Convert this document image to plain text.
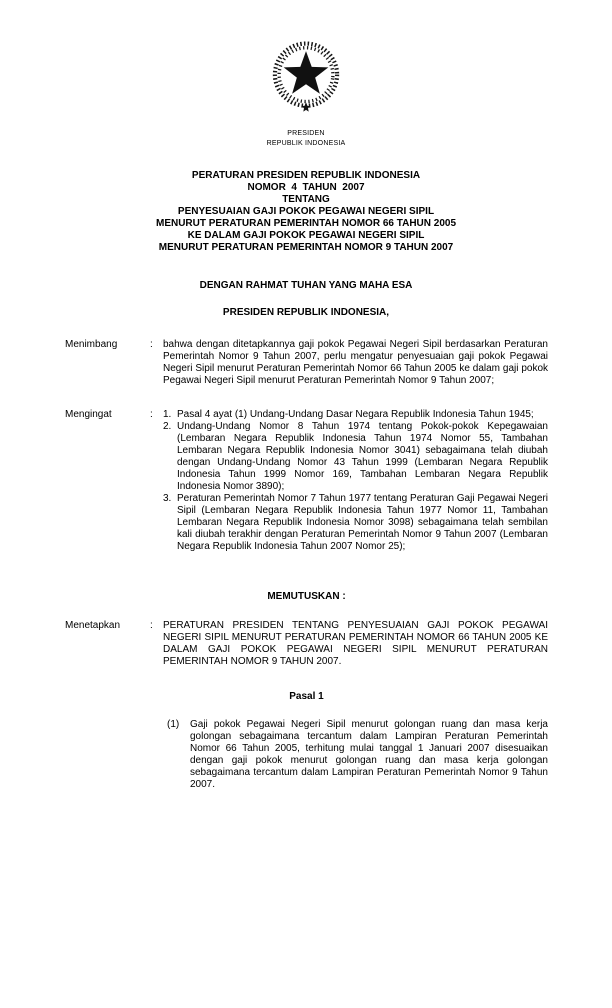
PRESIDEN
REPUBLIK INDONESIA
PERATURAN PRESIDEN REPUBLIK INDONESIA
NOMOR  4  TAHUN  2007
TENTANG
PENYESUAIAN GAJI POKOK PEGAWAI NEGERI SIPIL
MENURUT PERATURAN PEMERINTAH NOMOR 66 TAHUN 2005
KE DALAM GAJI POKOK PEGAWAI NEGERI SIPIL
MENURUT PERATURAN PEMERINTAH NOMOR 9 TAHUN 2007
DENGAN RAHMAT TUHAN YANG MAHA ESA
PRESIDEN REPUBLIK INDONESIA,
Menimbang	:	bahwa dengan ditetapkannya gaji pokok Pegawai Negeri Sipil berdasarkan Peraturan Pemerintah Nomor 9 Tahun 2007, perlu mengatur penyesuaian gaji pokok Pegawai Negeri Sipil menurut Peraturan Pemerintah Nomor 66 Tahun 2005 ke dalam gaji pokok Pegawai Negeri Sipil menurut Peraturan Pemerintah Nomor 9 Tahun 2007;
Mengingat	:	1. Pasal 4 ayat (1) Undang-Undang Dasar Negara Republik Indonesia Tahun 1945;
2. Undang-Undang Nomor 8 Tahun 1974 tentang Pokok-pokok Kepegawaian (Lembaran Negara Republik Indonesia Tahun 1974 Nomor 55, Tambahan Lembaran Negara Republik Indonesia Nomor 3041) sebagaimana telah diubah dengan Undang-Undang Nomor 43 Tahun 1999 (Lembaran Negara Republik Indonesia Tahun 1999 Nomor 169, Tambahan Lembaran Negara Republik Indonesia Nomor 3890);
3. Peraturan Pemerintah Nomor 7 Tahun 1977 tentang Peraturan Gaji Pegawai Negeri Sipil (Lembaran Negara Republik Indonesia Tahun 1977 Nomor 11, Tambahan Lembaran Negara Republik Indonesia Nomor 3098) sebagaimana telah sembilan kali diubah terakhir dengan Peraturan Pemerintah Nomor 9 Tahun 2007 (Lembaran Negara Republik Indonesia Tahun 2007 Nomor 25);
MEMUTUSKAN :
Menetapkan	:	PERATURAN PRESIDEN TENTANG PENYESUAIAN GAJI POKOK PEGAWAI NEGERI SIPIL MENURUT PERATURAN PEMERINTAH NOMOR 66 TAHUN 2005 KE DALAM GAJI POKOK PEGAWAI NEGERI SIPIL MENURUT PERATURAN PEMERINTAH NOMOR 9 TAHUN 2007.
Pasal 1
(1)	Gaji pokok Pegawai Negeri Sipil menurut golongan ruang dan masa kerja golongan sebagaimana tercantum dalam Lampiran Peraturan Pemerintah Nomor 66 Tahun 2005, terhitung mulai tanggal 1 Januari 2007 disesuaikan dengan gaji pokok menurut golongan ruang dan masa kerja golongan sebagaimana tercantum dalam Lampiran Peraturan Pemerintah Nomor 9 Tahun 2007.
